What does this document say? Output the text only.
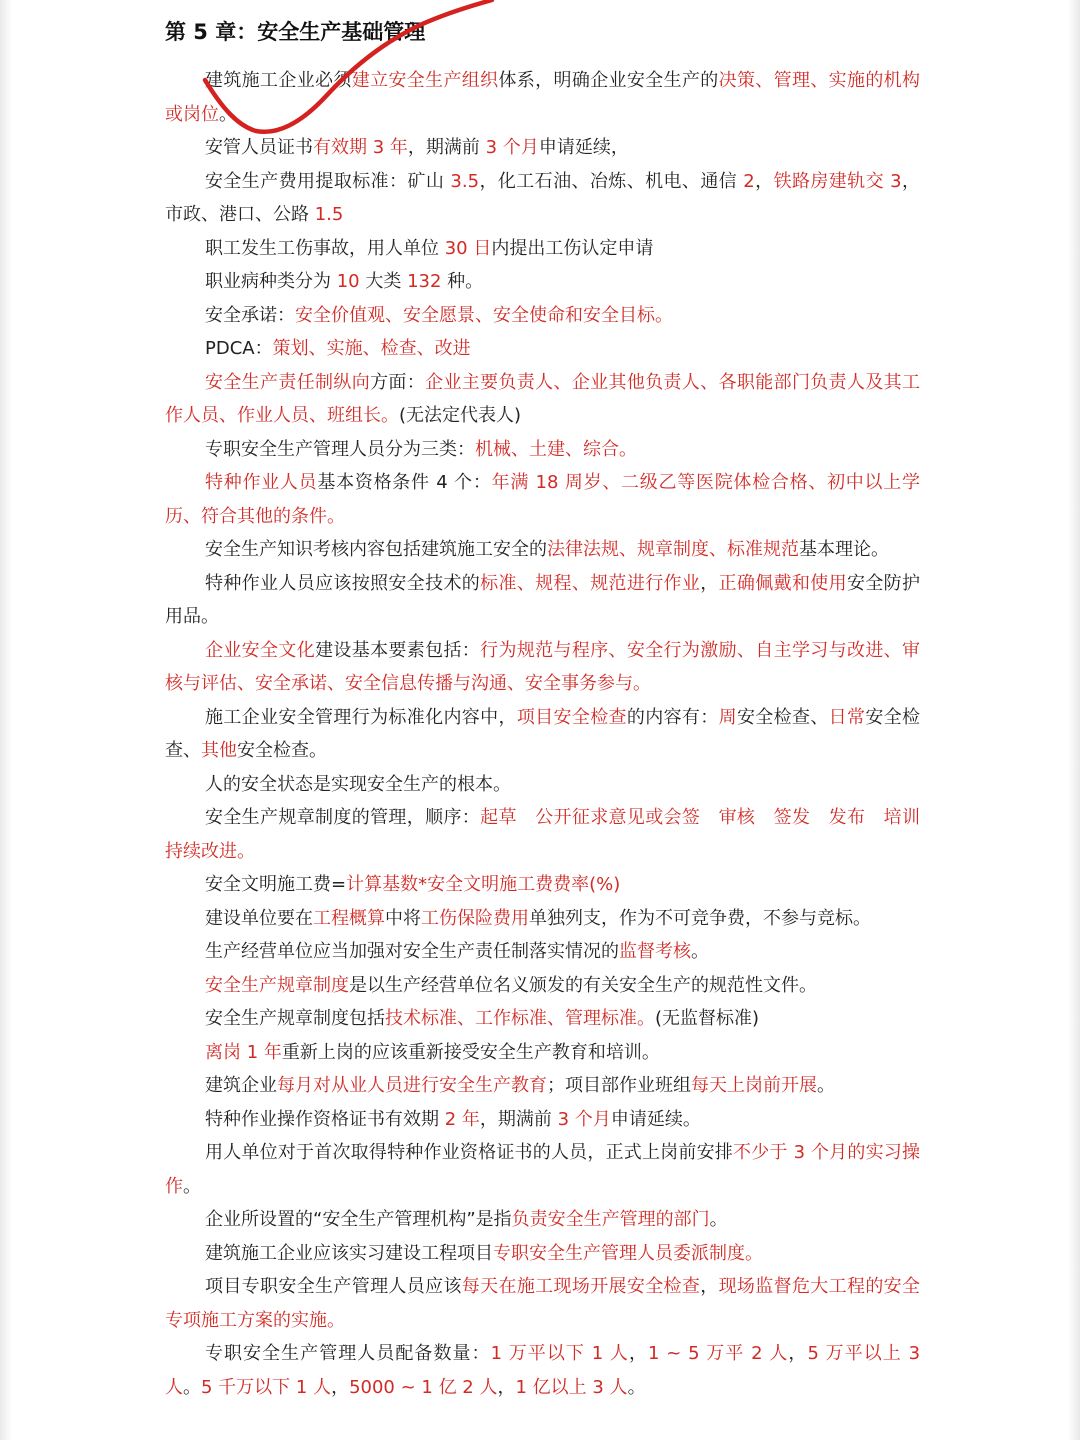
第 5 章：安全生产基础管理

建筑施工企业必须建立安全生产组织体系，明确企业安全生产的决策、管理、实施的机构或岗位。

安管人员证书有效期 3 年，期满前 3 个月申请延续，

安全生产费用提取标准：矿山 3.5，化工石油、冶炼、机电、通信 2，铁路房建轨交 3，市政、港口、公路 1.5

职工发生工伤事故，用人单位 30 日内提出工伤认定申请

职业病种类分为 10 大类 132 种。

安全承诺：安全价值观、安全愿景、安全使命和安全目标。

PDCA：策划、实施、检查、改进

安全生产责任制纵向方面：企业主要负责人、企业其他负责人、各职能部门负责人及其工作人员、作业人员、班组长。(无法定代表人)

专职安全生产管理人员分为三类：机械、土建、综合。

特种作业人员基本资格条件 4 个：年满 18 周岁、二级乙等医院体检合格、初中以上学历、符合其他的条件。

安全生产知识考核内容包括建筑施工安全的法律法规、规章制度、标准规范基本理论。

特种作业人员应该按照安全技术的标准、规程、规范进行作业，正确佩戴和使用安全防护用品。

企业安全文化建设基本要素包括：行为规范与程序、安全行为激励、自主学习与改进、审核与评估、安全承诺、安全信息传播与沟通、安全事务参与。

施工企业安全管理行为标准化内容中，项目安全检查的内容有：周安全检查、日常安全检查、其他安全检查。

人的安全状态是实现安全生产的根本。

安全生产规章制度的管理，顺序：起草　公开征求意见或会签　审核　签发　发布　培训　持续改进。

安全文明施工费=计算基数*安全文明施工费费率(%)

建设单位要在工程概算中将工伤保险费用单独列支，作为不可竞争费，不参与竞标。

生产经营单位应当加强对安全生产责任制落实情况的监督考核。

安全生产规章制度是以生产经营单位名义颁发的有关安全生产的规范性文件。

安全生产规章制度包括技术标准、工作标准、管理标准。(无监督标准)

离岗 1 年重新上岗的应该重新接受安全生产教育和培训。

建筑企业每月对从业人员进行安全生产教育；项目部作业班组每天上岗前开展。

特种作业操作资格证书有效期 2 年，期满前 3 个月申请延续。

用人单位对于首次取得特种作业资格证书的人员，正式上岗前安排不少于 3 个月的实习操作。

企业所设置的“安全生产管理机构”是指负责安全生产管理的部门。

建筑施工企业应该实习建设工程项目专职安全生产管理人员委派制度。

项目专职安全生产管理人员应该每天在施工现场开展安全检查，现场监督危大工程的安全专项施工方案的实施。

专职安全生产管理人员配备数量：1 万平以下 1 人，1 ~ 5 万平 2 人，5 万平以上 3 人。5 千万以下 1 人，5000 ~ 1 亿 2 人，1 亿以上 3 人。
